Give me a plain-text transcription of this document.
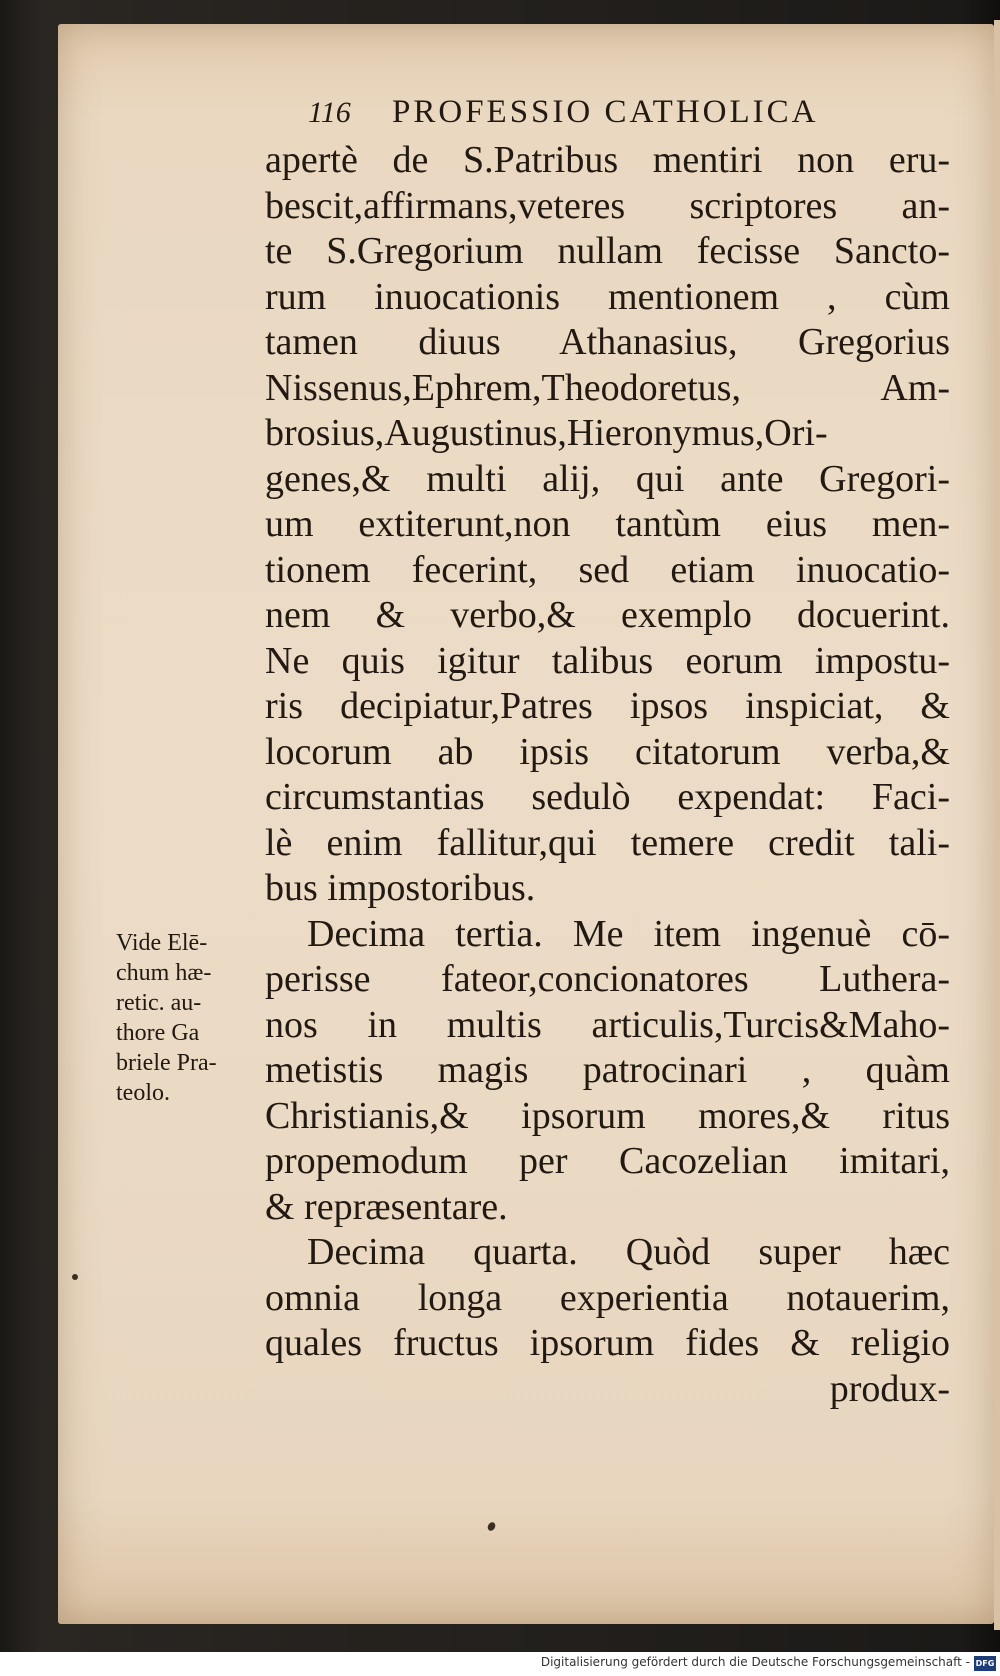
116 PROFESSIO CATHOLICA
apertè de S.Patribus mentiri non eru-
bescit,affirmans,veteres scriptores an-
te S.Gregorium nullam fecisse Sancto-
rum inuocationis mentionem , cùm
tamen diuus Athanasius, Gregorius
Nissenus,Ephrem,Theodoretus, Am-
brosius,Augustinus,Hieronymus,Ori-
genes,& multi alij, qui ante Gregori-
um extiterunt,non tantùm eius men-
tionem fecerint, sed etiam inuocatio-
nem & verbo,& exemplo docuerint.
Ne quis igitur talibus eorum impostu-
ris decipiatur,Patres ipsos inspiciat, &
locorum ab ipsis citatorum verba,&
circumstantias sedulò expendat: Faci-
lè enim fallitur,qui temere credit tali-
bus impostoribus.
Decima tertia. Me item ingenuè cō-
perisse fateor,concionatores Luthera-
nos in multis articulis,Turcis&Maho-
metistis magis patrocinari , quàm
Christianis,& ipsorum mores,& ritus
propemodum per Cacozelian imitari,
& repræsentare.
Decima quarta. Quòd super hæc
omnia longa experientia notauerim,
quales fructus ipsorum fides & religio
produx-
Vide Elē-
chum hæ-
retic. au-
thore Ga
briele Pra-
teolo.
Digitalisierung gefördert durch die Deutsche Forschungsgemeinschaft - DFG
